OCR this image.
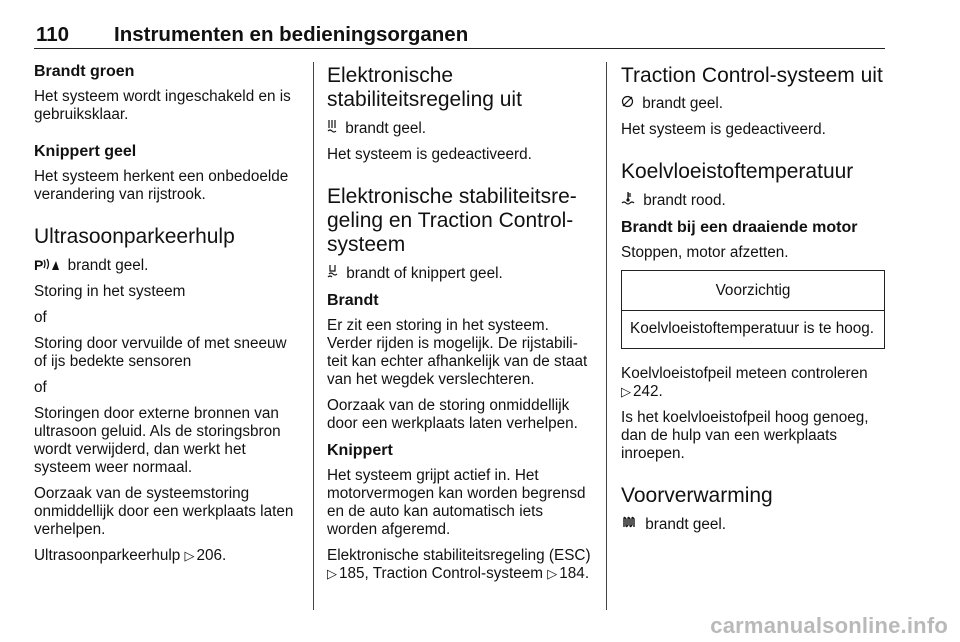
110 Instrumenten en bedieningsorganen
Brandt groen

Het systeem wordt ingeschakeld en is gebruiksklaar.

Knippert geel

Het systeem herkent een onbedoelde verandering van rijstrook.

Ultrasoonparkeerhulp

P brandt geel.

Storing in het systeem

of

Storing door vervuilde of met sneeuw of ijs bedekte sensoren

of

Storingen door externe bronnen van ultrasoon geluid. Als de storingsbron wordt verwijderd, dan werkt het systeem weer normaal.

Oorzaak van de systeemstoring onmiddellijk door een werkplaats laten verhelpen.

Ultrasoonparkeerhulp ▷ 206.

Elektronische stabiliteitsregeling uit

brandt geel.

Het systeem is gedeactiveerd.

Elektronische stabiliteitsre-geling en Traction Control-systeem

brandt of knippert geel.

Brandt

Er zit een storing in het systeem. Verder rijden is mogelijk. De rijstabili-teit kan echter afhankelijk van de staat van het wegdek verslechteren.

Oorzaak van de storing onmiddellijk door een werkplaats laten verhelpen.

Knippert

Het systeem grijpt actief in. Het motorvermogen kan worden begrensd en de auto kan automatisch iets worden afgeremd.

Elektronische stabiliteitsregeling (ESC) ▷ 185, Traction Control-systeem ▷ 184.

Traction Control-systeem uit

brandt geel.

Het systeem is gedeactiveerd.

Koelvloeistoftemperatuur

brandt rood.

Brandt bij een draaiende motor

Stoppen, motor afzetten.

Voorzichtig
Koelvloeistoftemperatuur is te hoog.

Koelvloeistofpeil meteen controleren ▷ 242.

Is het koelvloeistofpeil hoog genoeg, dan de hulp van een werkplaats inroepen.

Voorverwarming

brandt geel.

carmanualsonline.info
